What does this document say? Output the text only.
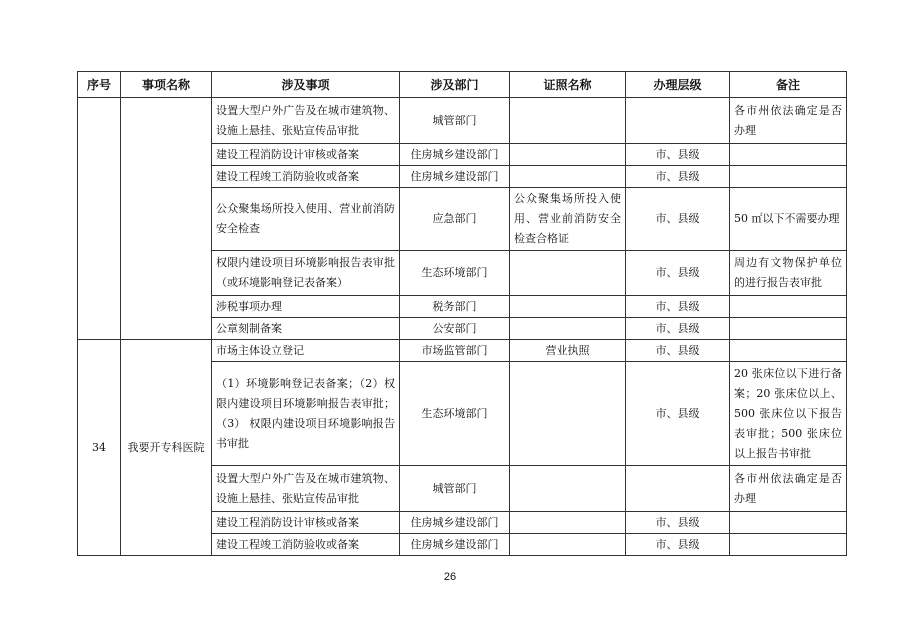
序号	事项名称	涉及事项	涉及部门	证照名称	办理层级	备注
		设置大型户外广告及在城市建筑物、设施上悬挂、张贴宣传品审批	城管部门			各市州依法确定是否办理
		建设工程消防设计审核或备案	住房城乡建设部门		市、县级	
		建设工程竣工消防验收或备案	住房城乡建设部门		市、县级	
		公众聚集场所投入使用、营业前消防安全检查	应急部门	公众聚集场所投入使用、营业前消防安全检查合格证	市、县级	50 ㎡以下不需要办理
		权限内建设项目环境影响报告表审批（或环境影响登记表备案）	生态环境部门		市、县级	周边有文物保护单位的进行报告表审批
		涉税事项办理	税务部门		市、县级	
		公章刻制备案	公安部门		市、县级	
34	我要开专科医院	市场主体设立登记	市场监管部门	营业执照	市、县级	
		（1）环境影响登记表备案；（2）权限内建设项目环境影响报告表审批；（3） 权限内建设项目环境影响报告书审批	生态环境部门		市、县级	20 张床位以下进行备案；20 张床位以上、500 张床位以下报告表审批；500 张床位以上报告书审批
		设置大型户外广告及在城市建筑物、设施上悬挂、张贴宣传品审批	城管部门			各市州依法确定是否办理
		建设工程消防设计审核或备案	住房城乡建设部门		市、县级	
		建设工程竣工消防验收或备案	住房城乡建设部门		市、县级	
26
